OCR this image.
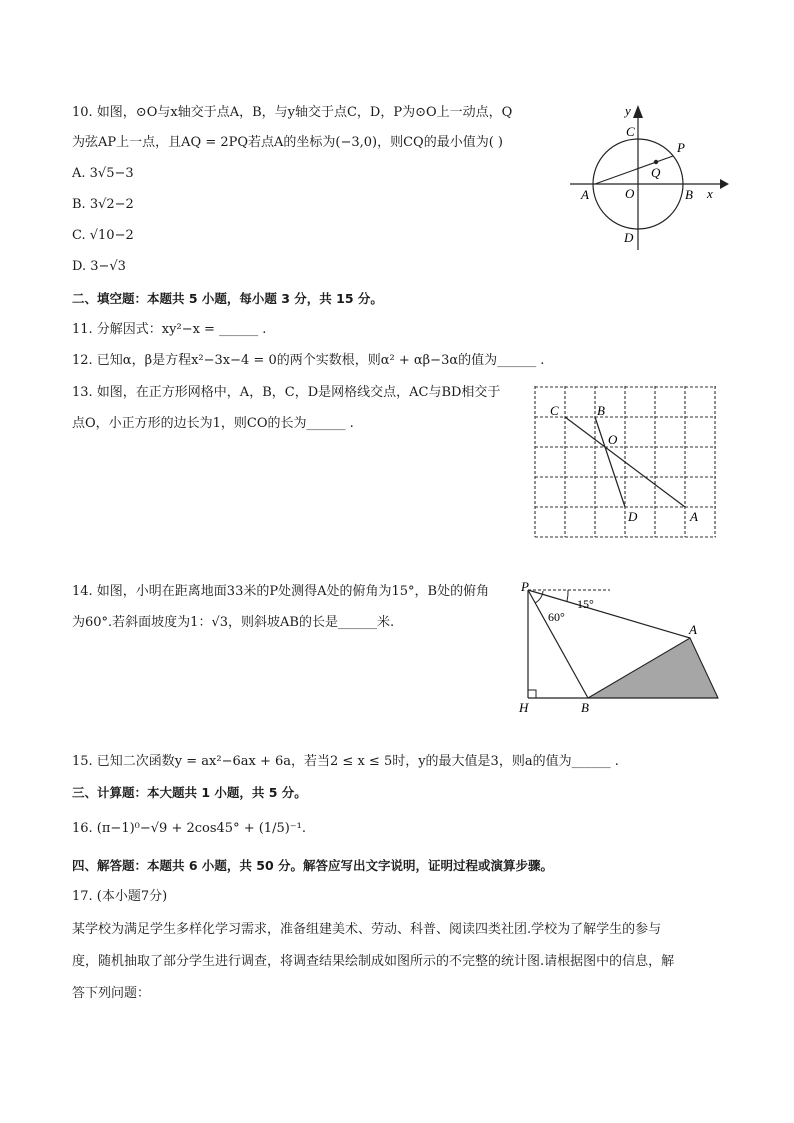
10. 如图，⊙O与x轴交于点A，B，与y轴交于点C，D，P为⊙O上一动点，Q
为弦AP上一点，且AQ = 2PQ若点A的坐标为(−3,0)，则CQ的最小值为( )
A. 3√5−3
B. 3√2−2
C. √10−2
D. 3−√3
y
x
C
P
Q
A	O	B
D
二、填空题：本题共 5 小题，每小题 3 分，共 15 分。
11. 分解因式：xy²−x = ______ .
12. 已知α，β是方程x²−3x−4 = 0的两个实数根，则α² + αβ−3α的值为______ .
13. 如图，在正方形网格中，A，B，C，D是网格线交点，AC与BD相交于
点O，小正方形的边长为1，则CO的长为______ .
C	B
O
D	A
14. 如图，小明在距离地面33米的P处测得A处的俯角为15°，B处的俯角
为60°.若斜面坡度为1：√3，则斜坡AB的长是______米.
P
15°
60°
A
H	B
15. 已知二次函数y = ax²−6ax + 6a，若当2 ≤ x ≤ 5时，y的最大值是3，则a的值为______ .
三、计算题：本大题共 1 小题，共 5 分。
16. (π−1)⁰−√9 + 2cos45° + (1/5)⁻¹.
四、解答题：本题共 6 小题，共 50 分。解答应写出文字说明，证明过程或演算步骤。
17. (本小题7分)
某学校为满足学生多样化学习需求，准备组建美术、劳动、科普、阅读四类社团.学校为了解学生的参与
度，随机抽取了部分学生进行调查，将调查结果绘制成如图所示的不完整的统计图.请根据图中的信息，解
答下列问题：
